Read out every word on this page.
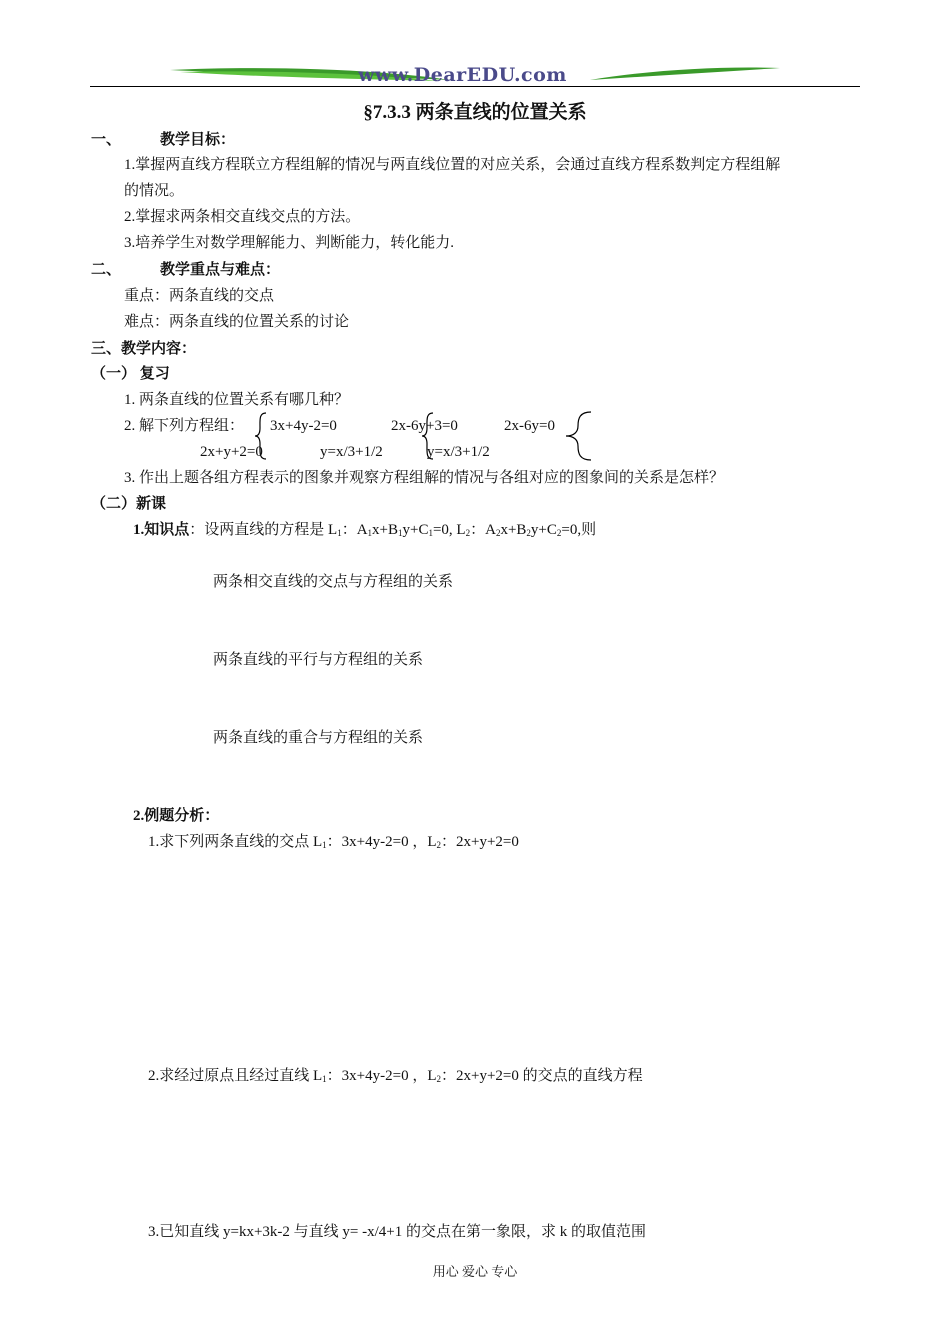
www.DearEDU.com
§7.3.3 两条直线的位置关系
一、	教学目标：
1.掌握两直线方程联立方程组解的情况与两直线位置的对应关系，会通过直线方程系数判定方程组解
的情况。
2.掌握求两条相交直线交点的方法。
3.培养学生对数学理解能力、判断能力，转化能力.
二、	教学重点与难点：
重点：两条直线的交点
难点：两条直线的位置关系的讨论
三、教学内容：
（一） 复习
1. 两条直线的位置关系有哪几种？
2. 解下列方程组： 3x+4y-2=0
2x+y+2=0
2x-6y+3=0
y=x/3+1/2
2x-6y=0
y=x/3+1/2
3. 作出上题各组方程表示的图象并观察方程组解的情况与各组对应的图象间的关系是怎样？
（二）新课
1.知识点：设两直线的方程是 $L_1$：$A_1x+B_1y+C_1=0$, $L_2$：$A_2x+B_2y+C_2=0$,则
两条相交直线的交点与方程组的关系
两条直线的平行与方程组的关系
两条直线的重合与方程组的关系
2.例题分析：
1.求下列两条直线的交点 $L_1$：3x+4y-2=0 ，$L_2$：2x+y+2=0
2.求经过原点且经过直线 $L_1$：3x+4y-2=0 ，$L_2$：2x+y+2=0 的交点的直线方程
3.已知直线 y=kx+3k-2 与直线 y= -x/4+1 的交点在第一象限，求 k 的取值范围
用心 爱心 专心
